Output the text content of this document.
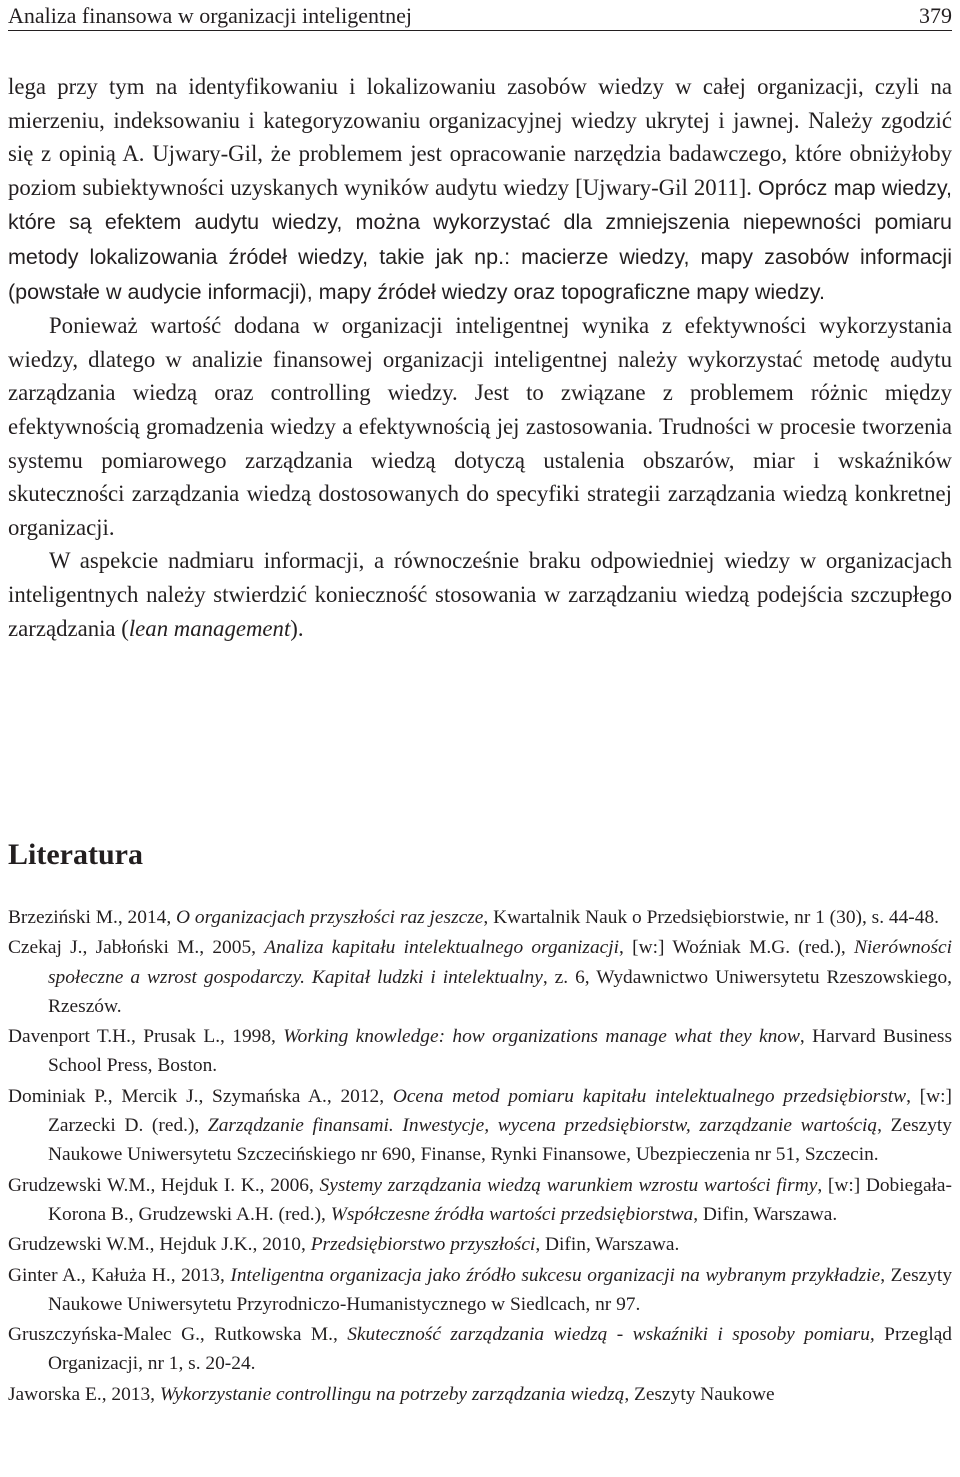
Analiza finansowa w organizacji inteligentnej	379

lega przy tym na identyfikowaniu i lokalizowaniu zasobów wiedzy w całej organizacji, czyli na mierzeniu, indeksowaniu i kategoryzowaniu organizacyjnej wiedzy ukrytej i jawnej. Należy zgodzić się z opinią A. Ujwary-Gil, że problemem jest opracowanie narzędzia badawczego, które obniżyłoby poziom subiektywności uzyskanych wyników audytu wiedzy [Ujwary-Gil 2011]. Oprócz map wiedzy, które są efektem audytu wiedzy, można wykorzystać dla zmniejszenia niepewności pomiaru metody lokalizowania źródeł wiedzy, takie jak np.: macierze wiedzy, mapy zasobów informacji (powstałe w audycie informacji), mapy źródeł wiedzy oraz topograficzne mapy wiedzy.

Ponieważ wartość dodana w organizacji inteligentnej wynika z efektywności wykorzystania wiedzy, dlatego w analizie finansowej organizacji inteligentnej należy wykorzystać metodę audytu zarządzania wiedzą oraz controlling wiedzy. Jest to związane z problemem różnic między efektywnością gromadzenia wiedzy a efektywnością jej zastosowania. Trudności w procesie tworzenia systemu pomiarowego zarządzania wiedzą dotyczą ustalenia obszarów, miar i wskaźników skuteczności zarządzania wiedzą dostosowanych do specyfiki strategii zarządzania wiedzą konkretnej organizacji.

W aspekcie nadmiaru informacji, a równocześnie braku odpowiedniej wiedzy w organizacjach inteligentnych należy stwierdzić konieczność stosowania w zarządzaniu wiedzą podejścia szczupłego zarządzania (lean management).

Literatura
Brzeziński M., 2014, O organizacjach przyszłości raz jeszcze, Kwartalnik Nauk o Przedsiębiorstwie, nr 1 (30), s. 44-48.
Czekaj J., Jabłoński M., 2005, Analiza kapitału intelektualnego organizacji, [w:] Woźniak M.G. (red.), Nierówności społeczne a wzrost gospodarczy. Kapitał ludzki i intelektualny, z. 6, Wydawnictwo Uniwersytetu Rzeszowskiego, Rzeszów.
Davenport T.H., Prusak L., 1998, Working knowledge: how organizations manage what they know, Harvard Business School Press, Boston.
Dominiak P., Mercik J., Szymańska A., 2012, Ocena metod pomiaru kapitału intelektualnego przedsiębiorstw, [w:] Zarzecki D. (red.), Zarządzanie finansami. Inwestycje, wycena przedsiębiorstw, zarządzanie wartością, Zeszyty Naukowe Uniwersytetu Szczecińskiego nr 690, Finanse, Rynki Finansowe, Ubezpieczenia nr 51, Szczecin.
Grudzewski W.M., Hejduk I. K., 2006, Systemy zarządzania wiedzą warunkiem wzrostu wartości firmy, [w:] Dobiegała-Korona B., Grudzewski A.H. (red.), Współczesne źródła wartości przedsiębiorstwa, Difin, Warszawa.
Grudzewski W.M., Hejduk J.K., 2010, Przedsiębiorstwo przyszłości, Difin, Warszawa.
Ginter A., Kałuża H., 2013, Inteligentna organizacja jako źródło sukcesu organizacji na wybranym przykładzie, Zeszyty Naukowe Uniwersytetu Przyrodniczo-Humanistycznego w Siedlcach, nr 97.
Gruszczyńska-Malec G., Rutkowska M., Skuteczność zarządzania wiedzą - wskaźniki i sposoby pomiaru, Przegląd Organizacji, nr 1, s. 20-24.
Jaworska E., 2013, Wykorzystanie controllingu na potrzeby zarządzania wiedzą, Zeszyty Naukowe
